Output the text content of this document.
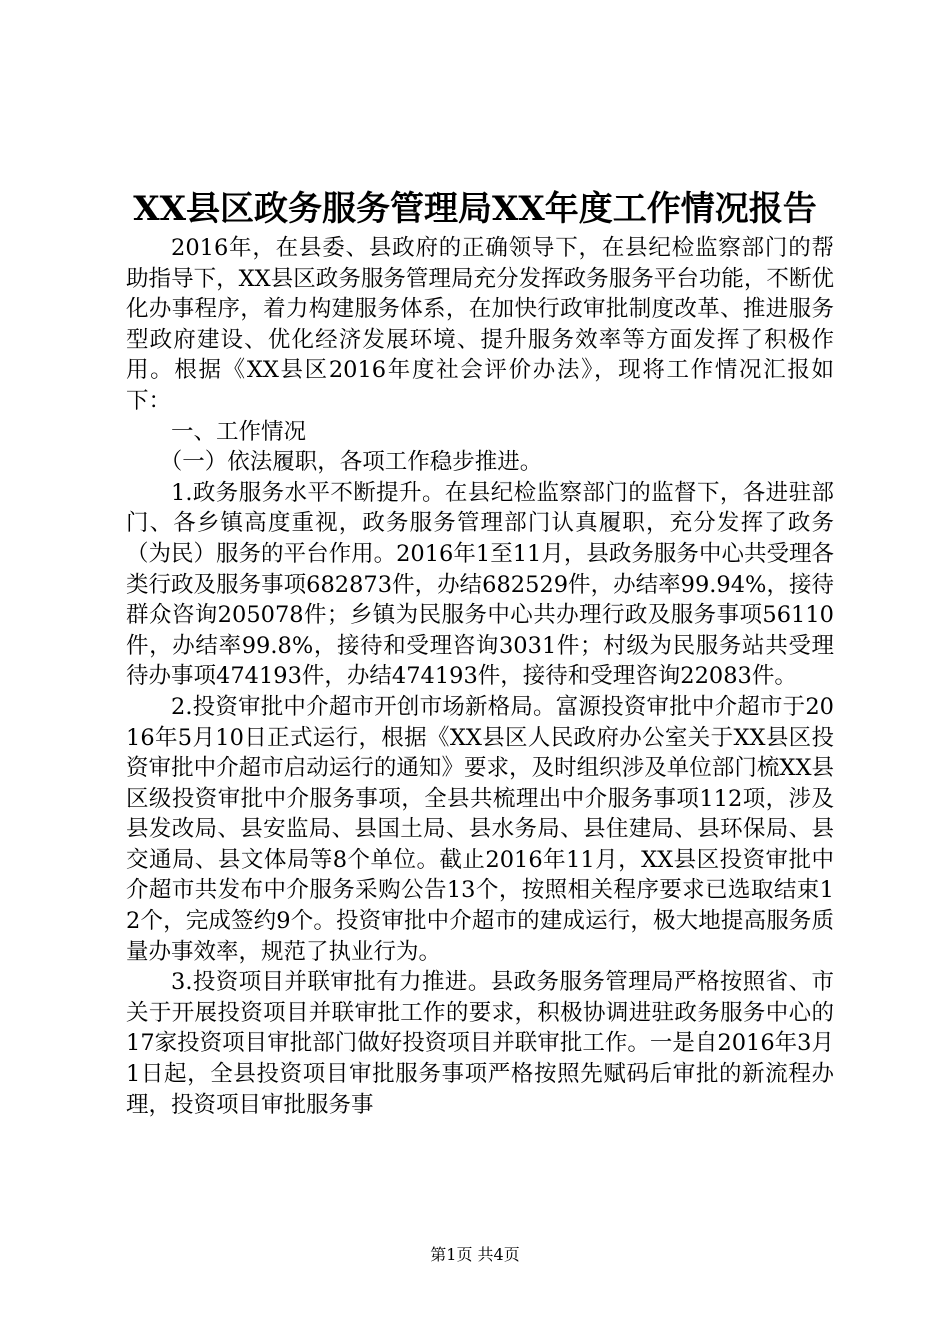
XX县区政务服务管理局XX年度工作情况报告

2016年，在县委、县政府的正确领导下，在县纪检监察部门的帮助指导下，XX县区政务服务管理局充分发挥政务服务平台功能，不断优化办事程序，着力构建服务体系，在加快行政审批制度改革、推进服务型政府建设、优化经济发展环境、提升服务效率等方面发挥了积极作用。根据《XX县区2016年度社会评价办法》，现将工作情况汇报如下：

一、工作情况

（一）依法履职，各项工作稳步推进。

1.政务服务水平不断提升。在县纪检监察部门的监督下，各进驻部门、各乡镇高度重视，政务服务管理部门认真履职，充分发挥了政务（为民）服务的平台作用。2016年1至11月，县政务服务中心共受理各类行政及服务事项682873件，办结682529件，办结率99.94%，接待群众咨询205078件；乡镇为民服务中心共办理行政及服务事项56110件，办结率99.8%，接待和受理咨询3031件；村级为民服务站共受理待办事项474193件，办结474193件，接待和受理咨询22083件。

2.投资审批中介超市开创市场新格局。富源投资审批中介超市于2016年5月10日正式运行，根据《XX县区人民政府办公室关于XX县区投资审批中介超市启动运行的通知》要求，及时组织涉及单位部门梳XX县区级投资审批中介服务事项，全县共梳理出中介服务事项112项，涉及县发改局、县安监局、县国土局、县水务局、县住建局、县环保局、县交通局、县文体局等8个单位。截止2016年11月，XX县区投资审批中介超市共发布中介服务采购公告13个，按照相关程序要求已选取结束12个，完成签约9个。投资审批中介超市的建成运行，极大地提高服务质量办事效率，规范了执业行为。

3.投资项目并联审批有力推进。县政务服务管理局严格按照省、市关于开展投资项目并联审批工作的要求，积极协调进驻政务服务中心的17家投资项目审批部门做好投资项目并联审批工作。一是自2016年3月1日起，全县投资项目审批服务事项严格按照先赋码后审批的新流程办理，投资项目审批服务事

第1页 共4页
